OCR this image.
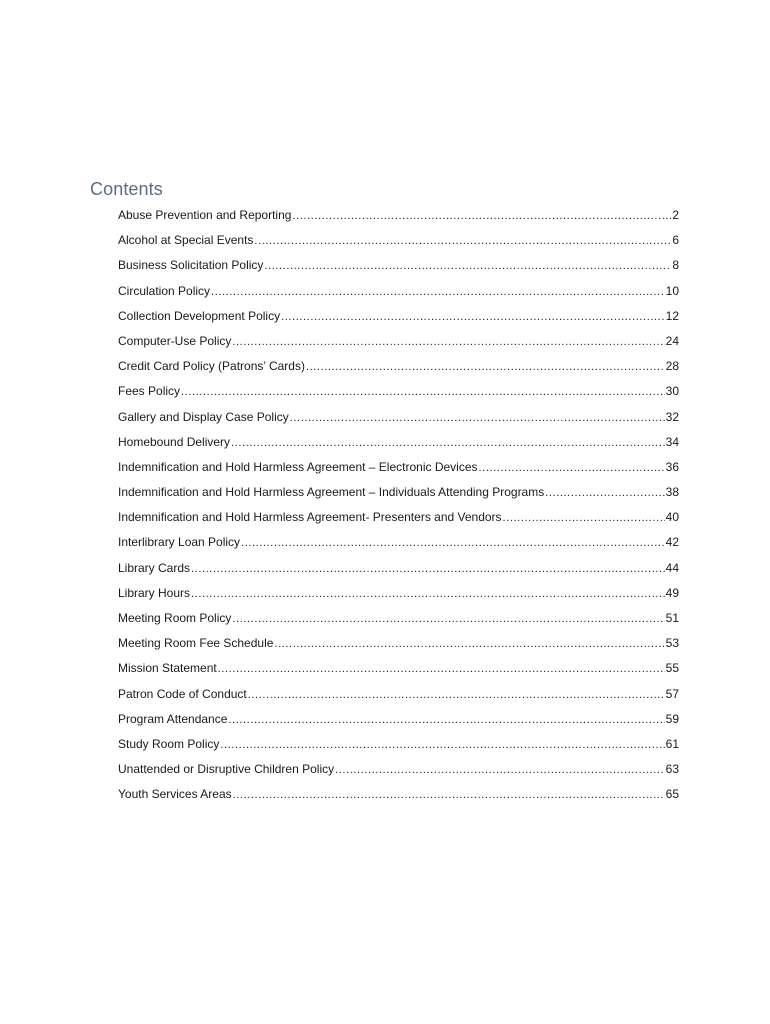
Contents
Abuse Prevention and Reporting .....	2
Alcohol at Special Events .....	6
Business Solicitation Policy .....	8
Circulation Policy .....	10
Collection Development Policy .....	12
Computer-Use Policy .....	24
Credit Card Policy (Patrons’ Cards) .....	28
Fees Policy .....	30
Gallery and Display Case Policy .....	32
Homebound Delivery .....	34
Indemnification and Hold Harmless Agreement – Electronic Devices .....	36
Indemnification and Hold Harmless Agreement – Individuals Attending Programs .....	38
Indemnification and Hold Harmless Agreement- Presenters and Vendors .....	40
Interlibrary Loan Policy .....	42
Library Cards .....	44
Library Hours .....	49
Meeting Room Policy .....	51
Meeting Room Fee Schedule .....	53
Mission Statement .....	55
Patron Code of Conduct .....	57
Program Attendance .....	59
Study Room Policy .....	61
Unattended or Disruptive Children Policy .....	63
Youth Services Areas .....	65
